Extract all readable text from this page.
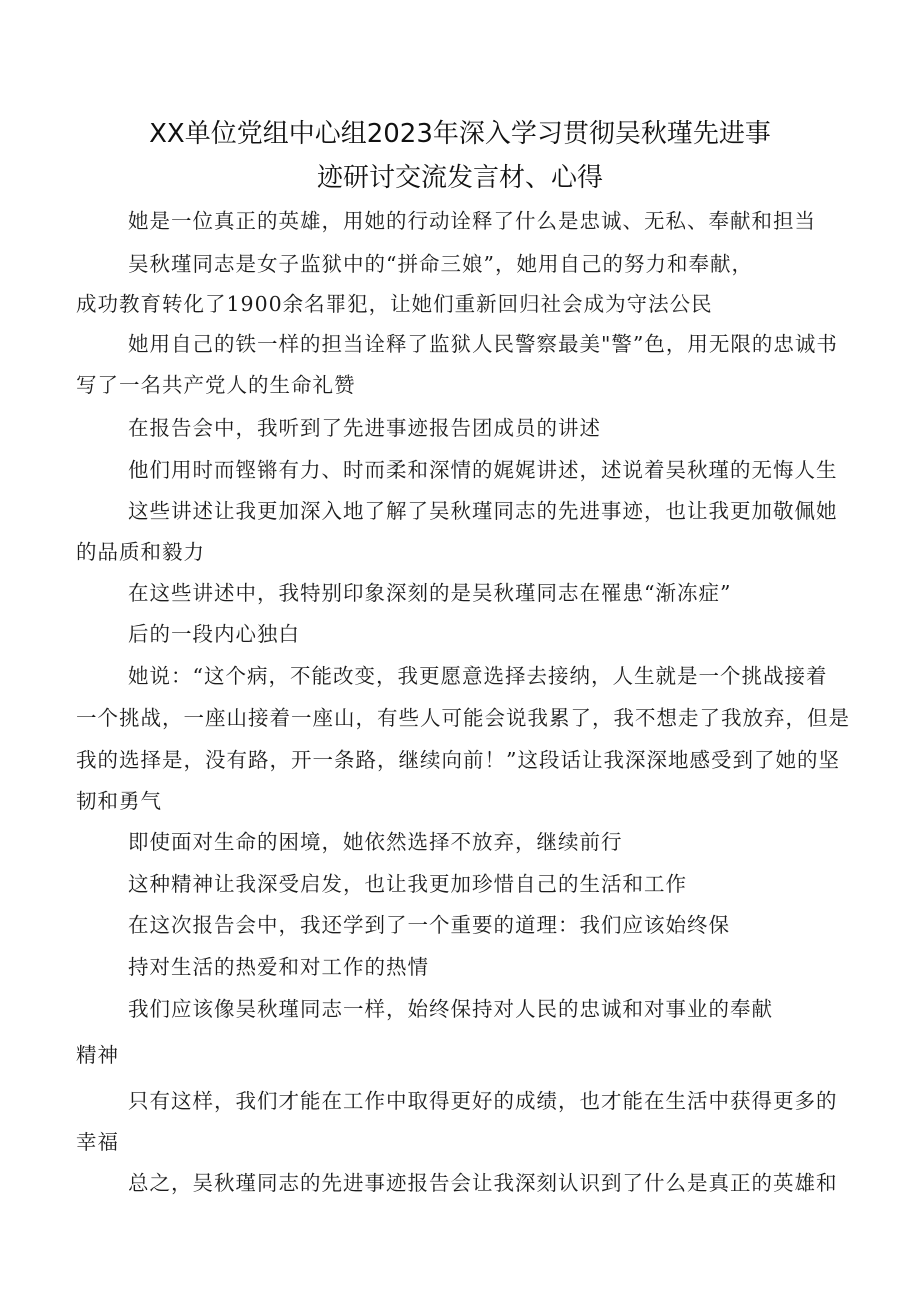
XX单位党组中心组2023年深入学习贯彻吴秋瑾先进事
迹研讨交流发言材、心得
她是一位真正的英雄，用她的行动诠释了什么是忠诚、无私、奉献和担当
吴秋瑾同志是女子监狱中的“拼命三娘”，她用自己的努力和奉献，
成功教育转化了1900余名罪犯，让她们重新回归社会成为守法公民
她用自己的铁一样的担当诠释了监狱人民警察最美"警”色，用无限的忠诚书
写了一名共产党人的生命礼赞
在报告会中，我听到了先进事迹报告团成员的讲述
他们用时而铿锵有力、时而柔和深情的娓娓讲述，述说着吴秋瑾的无悔人生
这些讲述让我更加深入地了解了吴秋瑾同志的先进事迹，也让我更加敬佩她
的品质和毅力
在这些讲述中，我特别印象深刻的是吴秋瑾同志在罹患“渐冻症”
后的一段内心独白
她说：“这个病，不能改变，我更愿意选择去接纳，人生就是一个挑战接着
一个挑战，一座山接着一座山，有些人可能会说我累了，我不想走了我放弃，但是
我的选择是，没有路，开一条路，继续向前！”这段话让我深深地感受到了她的坚
韧和勇气
即使面对生命的困境，她依然选择不放弃，继续前行
这种精神让我深受启发，也让我更加珍惜自己的生活和工作
在这次报告会中，我还学到了一个重要的道理：我们应该始终保
持对生活的热爱和对工作的热情
我们应该像吴秋瑾同志一样，始终保持对人民的忠诚和对事业的奉献
精神
只有这样，我们才能在工作中取得更好的成绩，也才能在生活中获得更多的
幸福
总之，吴秋瑾同志的先进事迹报告会让我深刻认识到了什么是真正的英雄和
